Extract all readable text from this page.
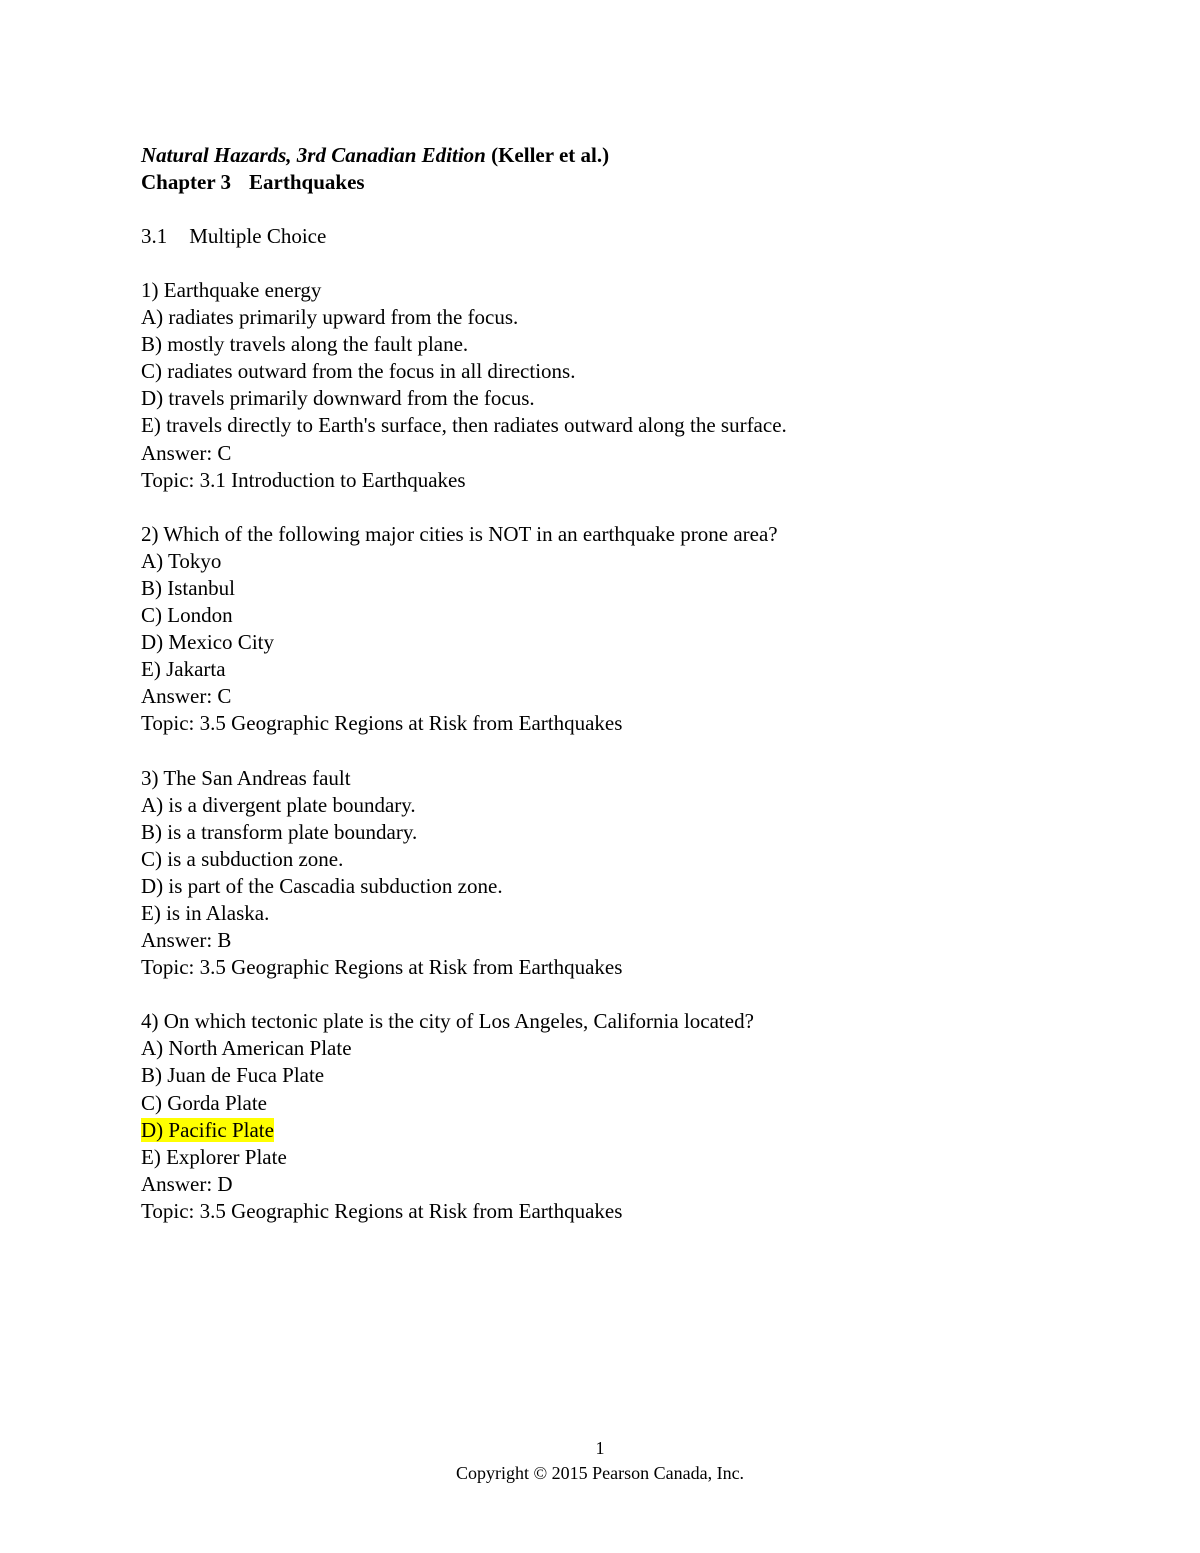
Natural Hazards, 3rd Canadian Edition (Keller et al.)
Chapter 3 Earthquakes
3.1 Multiple Choice
1) Earthquake energy
A) radiates primarily upward from the focus.
B) mostly travels along the fault plane.
C) radiates outward from the focus in all directions.
D) travels primarily downward from the focus.
E) travels directly to Earth's surface, then radiates outward along the surface.
Answer: C
Topic: 3.1 Introduction to Earthquakes
2) Which of the following major cities is NOT in an earthquake prone area?
A) Tokyo
B) Istanbul
C) London
D) Mexico City
E) Jakarta
Answer: C
Topic: 3.5 Geographic Regions at Risk from Earthquakes
3) The San Andreas fault
A) is a divergent plate boundary.
B) is a transform plate boundary.
C) is a subduction zone.
D) is part of the Cascadia subduction zone.
E) is in Alaska.
Answer: B
Topic: 3.5 Geographic Regions at Risk from Earthquakes
4) On which tectonic plate is the city of Los Angeles, California located?
A) North American Plate
B) Juan de Fuca Plate
C) Gorda Plate
D) Pacific Plate
E) Explorer Plate
Answer: D
Topic: 3.5 Geographic Regions at Risk from Earthquakes
1
Copyright © 2015 Pearson Canada, Inc.
